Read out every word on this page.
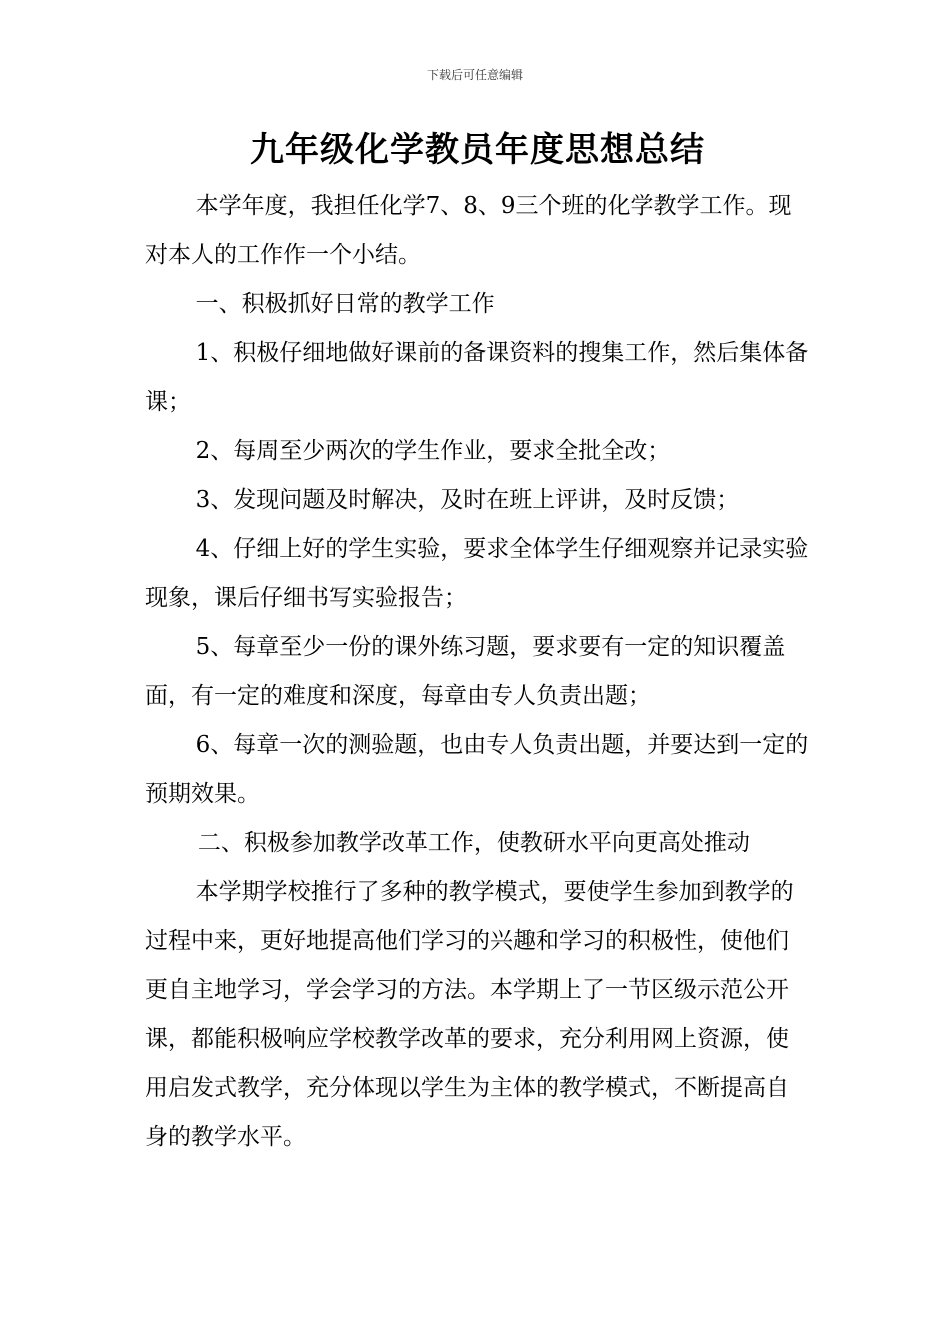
下载后可任意编辑
九年级化学教员年度思想总结

本学年度，我担任化学7、8、9三个班的化学教学工作。现对本人的工作作一个小结。

一、积极抓好日常的教学工作

1、积极仔细地做好课前的备课资料的搜集工作，然后集体备课；

2、每周至少两次的学生作业，要求全批全改；

3、发现问题及时解决，及时在班上评讲，及时反馈；

4、仔细上好的学生实验，要求全体学生仔细观察并记录实验现象，课后仔细书写实验报告；

5、每章至少一份的课外练习题，要求要有一定的知识覆盖面，有一定的难度和深度，每章由专人负责出题；

6、每章一次的测验题，也由专人负责出题，并要达到一定的预期效果。

二、积极参加教学改革工作，使教研水平向更高处推动

本学期学校推行了多种的教学模式，要使学生参加到教学的过程中来，更好地提高他们学习的兴趣和学习的积极性，使他们更自主地学习，学会学习的方法。本学期上了一节区级示范公开课，都能积极响应学校教学改革的要求，充分利用网上资源，使用启发式教学，充分体现以学生为主体的教学模式，不断提高自身的教学水平。
